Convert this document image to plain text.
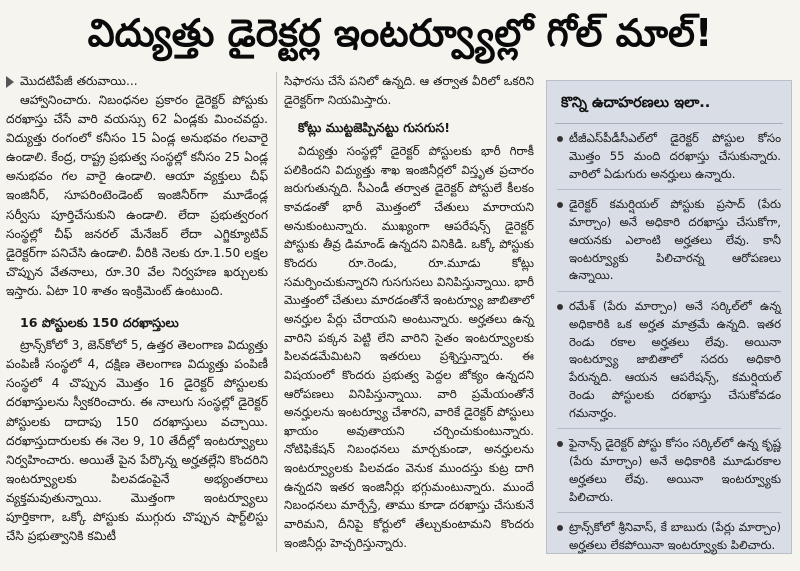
విద్యుత్తు డైరెక్టర్ల ఇంటర్వ్యూల్లో గోల్ మాల్!
మొదటిపేజీ తరువాయి...

ఆహ్వానించారు. నిబంధనల ప్రకారం డైరెక్టర్ పోస్టుకు దరఖాస్తు చేసే వారి వయస్సు 62 ఏండ్లకు మించవద్దు. విద్యుత్తు రంగంలో కనీసం 15 ఏండ్ల అనుభవం గలవారై ఉండాలి. కేంద్ర, రాష్ట్ర ప్రభుత్వ సంస్థల్లో కనీసం 25 ఏండ్ల అనుభవం గల వారై ఉండాలి. ఆయా వ్యక్తులు చీఫ్ ఇంజినీర్, సూపరింటెండెంట్ ఇంజినీర్‌గా మూడేండ్ల సర్వీసు పూర్తిచేసుకుని ఉండాలి. లేదా ప్రభుత్వరంగ సంస్థల్లో చీఫ్ జనరల్ మేనేజర్ లేదా ఎగ్జిక్యూటివ్ డైరెక్టర్‌గా పనిచేసి ఉండాలి. వీరికి నెలకు రూ.1.50 లక్షల చొప్పున వేతనాలు, రూ.30 వేల నిర్వహణ ఖర్చులకు ఇస్తారు. ఏటా 10 శాతం ఇంక్రిమెంట్ ఉంటుంది.

16 పోస్టులకు 150 దరఖాస్తులు

ట్రాన్స్‌కోలో 3, జెన్‌కోలో 5, ఉత్తర తెలంగాణ విద్యుత్తు పంపిణీ సంస్థలో 4, దక్షిణ తెలంగాణ విద్యుత్తు పంపిణీ సంస్థలో 4 చొప్పున మొత్తం 16 డైరెక్టర్ పోస్టులకు దరఖాస్తులను స్వీకరించారు. ఈ నాలుగు సంస్థల్లో డైరెక్టర్ పోస్టులకు దాదాపు 150 దరఖాస్తులు వచ్చాయి. దరఖాస్తుదారులకు ఈ నెల 9, 10 తేదీల్లో ఇంటర్వ్యూలు నిర్వహించారు. అయితే పైన పేర్కొన్న అర్హతల్లేని కొందరిని ఇంటర్వ్యూలకు పిలవడంపైనే అభ్యంతరాలు వ్యక్తమవుతున్నాయి. మొత్తంగా ఇంటర్వ్యూలు పూర్తికాగా, ఒక్కో పోస్టుకు ముగ్గురు చొప్పున షార్ట్‌లిస్టు చేసి ప్రభుత్వానికి కమిటీ

సిఫారసు చేసే పనిలో ఉన్నది. ఆ తర్వాత వీరిలో ఒకరిని డైరెక్టర్‌గా నియమిస్తారు.

కోట్లు ముట్టజెప్పినట్టు గుసగుస!

విద్యుత్తు సంస్థల్లో డైరెక్టర్ పోస్టులకు భారీ గిరాకీ పలికిందని విద్యుత్తు శాఖ ఇంజినీర్లలో విస్తృత ప్రచారం జరుగుతున్నది. సీఎండీ తర్వాత డైరెక్టర్ పోస్టులే కీలకం కావడంతో భారీ మొత్తంలో చేతులు మారాయని అనుకుంటున్నారు. ముఖ్యంగా ఆపరేషన్స్ డైరెక్టర్ పోస్టుకు తీవ్ర డిమాండ్ ఉన్నదని వినికిడి. ఒక్కో పోస్టుకు కొందరు రూ.రెండు, రూ.మూడు కోట్లు సమర్పించుకున్నారని గుసగుసలు వినిపిస్తున్నాయి. భారీ మొత్తంలో చేతులు మారడంతోనే ఇంటర్వ్యూ జాబితాలో అనర్హుల పేర్లు చేరాయని అంటున్నారు. అర్హతలు ఉన్న వారిని పక్కన పెట్టి లేని వారిని సైతం ఇంటర్వ్యూలకు పిలవడమేమిటని ఇతరులు ప్రశ్నిస్తున్నారు. ఈ విషయంలో కొందరు ప్రభుత్వ పెద్దల జోక్యం ఉన్నదని ఆరోపణలు వినిపిస్తున్నాయి. వారి ప్రమేయంతోనే అనర్హులను ఇంటర్వ్యూ చేశారని, వారికే డైరెక్టర్ పోస్టులు ఖాయం అవుతాయని చర్చించుకుంటున్నారు. నోటిఫికేషన్ నిబంధనలు మార్చకుండా, అనర్హులను ఇంటర్వ్యూలకు పిలవడం వెనుక ముందస్తు కుట్ర దాగి ఉన్నదని ఇతర ఇంజినీర్లు భగ్గుమంటున్నారు. ముందే నిబంధనలు మార్చేస్తే, తాము కూడా దరఖాస్తు చేసుకునే వారిమని, దీనిపై కోర్టులో తేల్చుకుంటామని కొందరు ఇంజినీర్లు హెచ్చరిస్తున్నారు.

కొన్ని ఉదాహరణలు ఇలా..
టీజీఎస్‌పీడీసీఎల్‌లో డైరెక్టర్ పోస్టుల కోసం మొత్తం 55 మంది దరఖాస్తు చేసుకున్నారు. వారిలో ఏడుగురు అనర్హులు ఉన్నారు.
డైరెక్టర్ కమర్షియల్ పోస్టుకు ప్రసాద్ (పేరు మార్చాం) అనే అధికారి దరఖాస్తు చేసుకోగా, ఆయనకు ఎలాంటి అర్హతలు లేవు. కానీ ఇంటర్వ్యూకు పిలిచారన్న ఆరోపణలు ఉన్నాయి.
రమేశ్ (పేరు మార్చాం) అనే సర్కిల్‌లో ఉన్న అధికారికి ఒక అర్హత మాత్రమే ఉన్నది. ఇతర రెండు రకాల అర్హతలు లేవు. అయినా ఇంటర్వ్యూ జాబితాలో సదరు అధికారి పేరున్నది. ఆయన ఆపరేషన్స్, కమర్షియల్ రెండు పోస్టులకు దరఖాస్తు చేసుకోవడం గమనార్హం.
ఫైనాన్స్ డైరెక్టర్ పోస్టు కోసం సర్కిల్‌లో ఉన్న కృష్ణ (పేరు మార్చాం) అనే అధికారికి మూడురకాల అర్హతలు లేవు. అయినా ఇంటర్వ్యూకు పిలిచారు.
ట్రాన్స్‌కోలో శ్రీనివాస్, కే బాబురు (పేర్లు మార్చాం) అర్హతలు లేకపోయినా ఇంటర్వ్యూకు పిలిచారు.
